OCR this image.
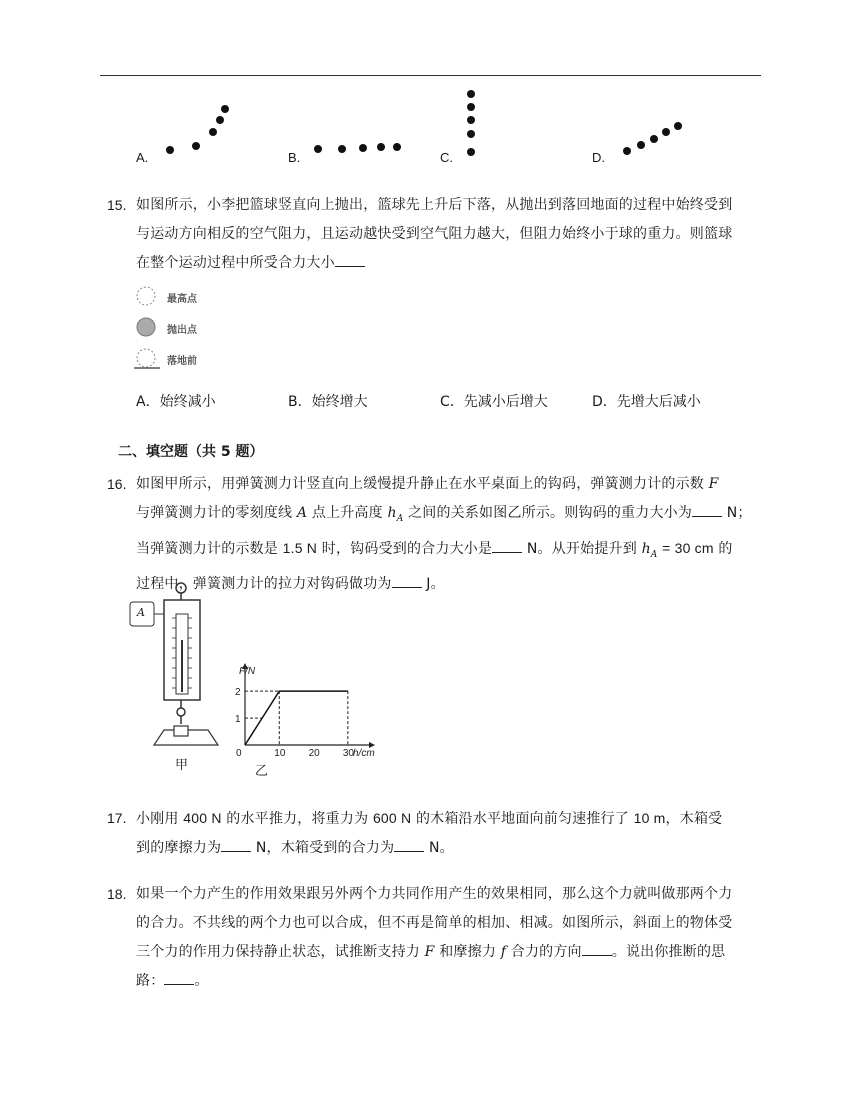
A.	B.	C.	D.
15. 如图所示，小李把篮球竖直向上抛出，篮球先上升后下落，从抛出到落回地面的过程中始终受到
与运动方向相反的空气阻力，且运动越快受到空气阻力越大，但阻力始终小于球的重力。则篮球
在整个运动过程中所受合力大小
最高点
抛出点
落地前
A．始终减小	B．始终增大	C．先减小后增大	D．先增大后减小
二、填空题（共 5 题）
16. 如图甲所示，用弹簧测力计竖直向上缓慢提升静止在水平桌面上的钩码，弹簧测力计的示数 F
与弹簧测力计的零刻度线 A 点上升高度 $h_A$ 之间的关系如图乙所示。则钩码的重力大小为 N；
当弹簧测力计的示数是 1.5 N 时，钩码受到的合力大小是 N。从开始提升到 $h_A = 30$ cm 的
过程中，弹簧测力计的拉力对钩码做功为 J。
A
甲
0	10 20 30
1
2
F/N
h/cm
乙
17. 小刚用 400 N 的水平推力，将重力为 600 N 的木箱沿水平地面向前匀速推行了 10 m，木箱受
到的摩擦力为 N，木箱受到的合力为 N。
18. 如果一个力产生的作用效果跟另外两个力共同作用产生的效果相同，那么这个力就叫做那两个力
的合力。不共线的两个力也可以合成，但不再是简单的相加、相减。如图所示，斜面上的物体受
三个力的作用力保持静止状态，试推断支持力 F 和摩擦力 f 合力的方向 。说出你推断的思
路： 。
